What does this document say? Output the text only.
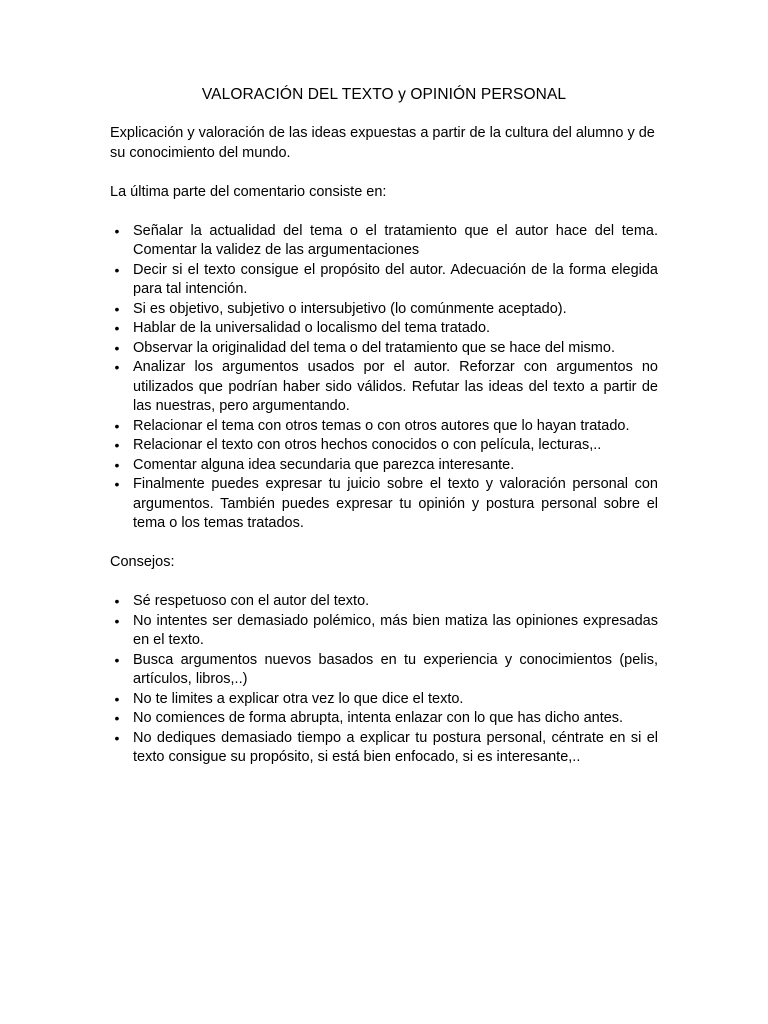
VALORACIÓN DEL TEXTO y OPINIÓN PERSONAL

Explicación y valoración de las ideas expuestas a partir de la cultura del alumno y de su conocimiento del mundo.

La última parte del comentario consiste en:

• Señalar la actualidad del tema o el tratamiento que el autor hace del tema. Comentar la validez de las argumentaciones
• Decir si el texto consigue el propósito del autor. Adecuación de la forma elegida para tal intención.
• Si es objetivo, subjetivo o intersubjetivo (lo comúnmente aceptado).
• Hablar de la universalidad o localismo del tema tratado.
• Observar la originalidad del tema o del tratamiento que se hace del mismo.
• Analizar los argumentos usados por el autor. Reforzar con argumentos no utilizados que podrían haber sido válidos. Refutar las ideas del texto a partir de las nuestras, pero argumentando.
• Relacionar el tema con otros temas o con otros autores que lo hayan tratado.
• Relacionar el texto con otros hechos conocidos o con película, lecturas,..
• Comentar alguna idea secundaria que parezca interesante.
• Finalmente puedes expresar tu juicio sobre el texto y valoración personal con argumentos. También puedes expresar tu opinión y postura personal sobre el tema o los temas tratados.

Consejos:

• Sé respetuoso con el autor del texto.
• No intentes ser demasiado polémico, más bien matiza las opiniones expresadas en el texto.
• Busca argumentos nuevos basados en tu experiencia y conocimientos (pelis, artículos, libros,..)
• No te limites a explicar otra vez lo que dice el texto.
• No comiences de forma abrupta, intenta enlazar con lo que has dicho antes.
• No dediques demasiado tiempo a explicar tu postura personal, céntrate en si el texto consigue su propósito, si está bien enfocado, si es interesante,..
